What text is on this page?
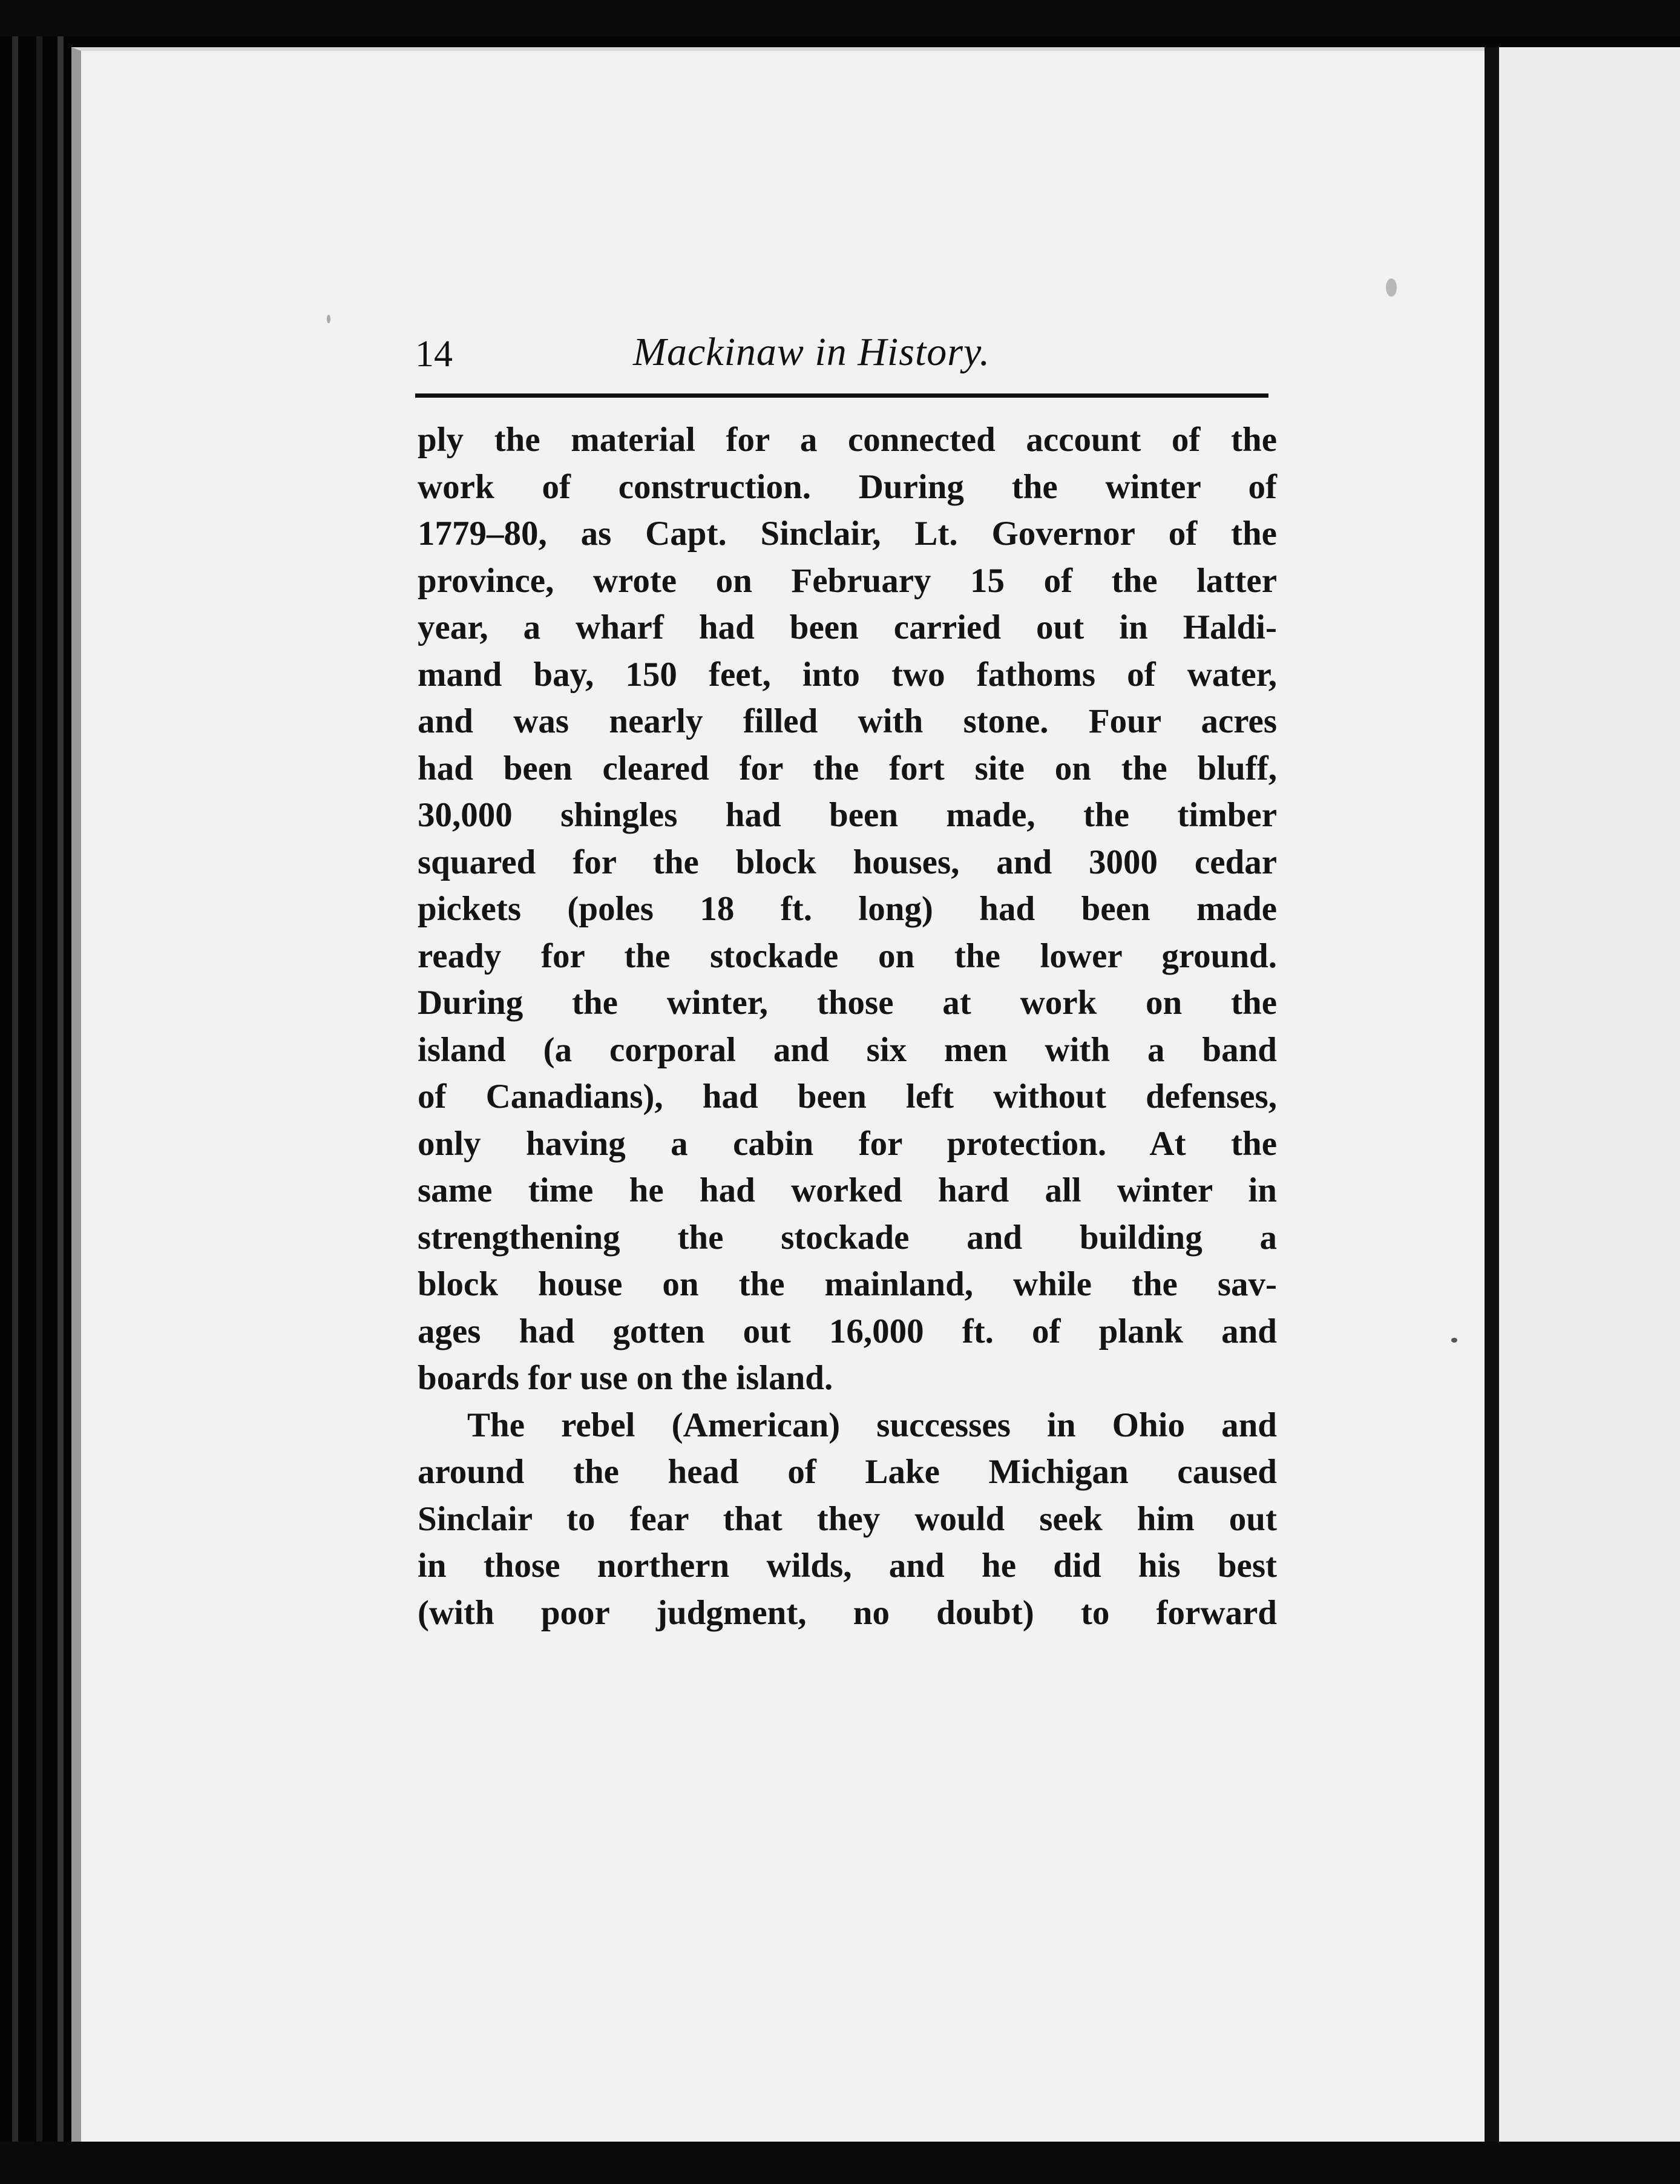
14	Mackinaw in History.
ply the material for a connected account of the
work of construction. During the winter of
1779–80, as Capt. Sinclair, Lt. Governor of the
province, wrote on February 15 of the latter
year, a wharf had been carried out in Haldi-
mand bay, 150 feet, into two fathoms of water,
and was nearly filled with stone. Four acres
had been cleared for the fort site on the bluff,
30,000 shingles had been made, the timber
squared for the block houses, and 3000 cedar
pickets (poles 18 ft. long) had been made
ready for the stockade on the lower ground.
During the winter, those at work on the
island (a corporal and six men with a band
of Canadians), had been left without defenses,
only having a cabin for protection. At the
same time he had worked hard all winter in
strengthening the stockade and building a
block house on the mainland, while the sav-
ages had gotten out 16,000 ft. of plank and
boards for use on the island.
The rebel (American) successes in Ohio and
around the head of Lake Michigan caused
Sinclair to fear that they would seek him out
in those northern wilds, and he did his best
(with poor judgment, no doubt) to forward
